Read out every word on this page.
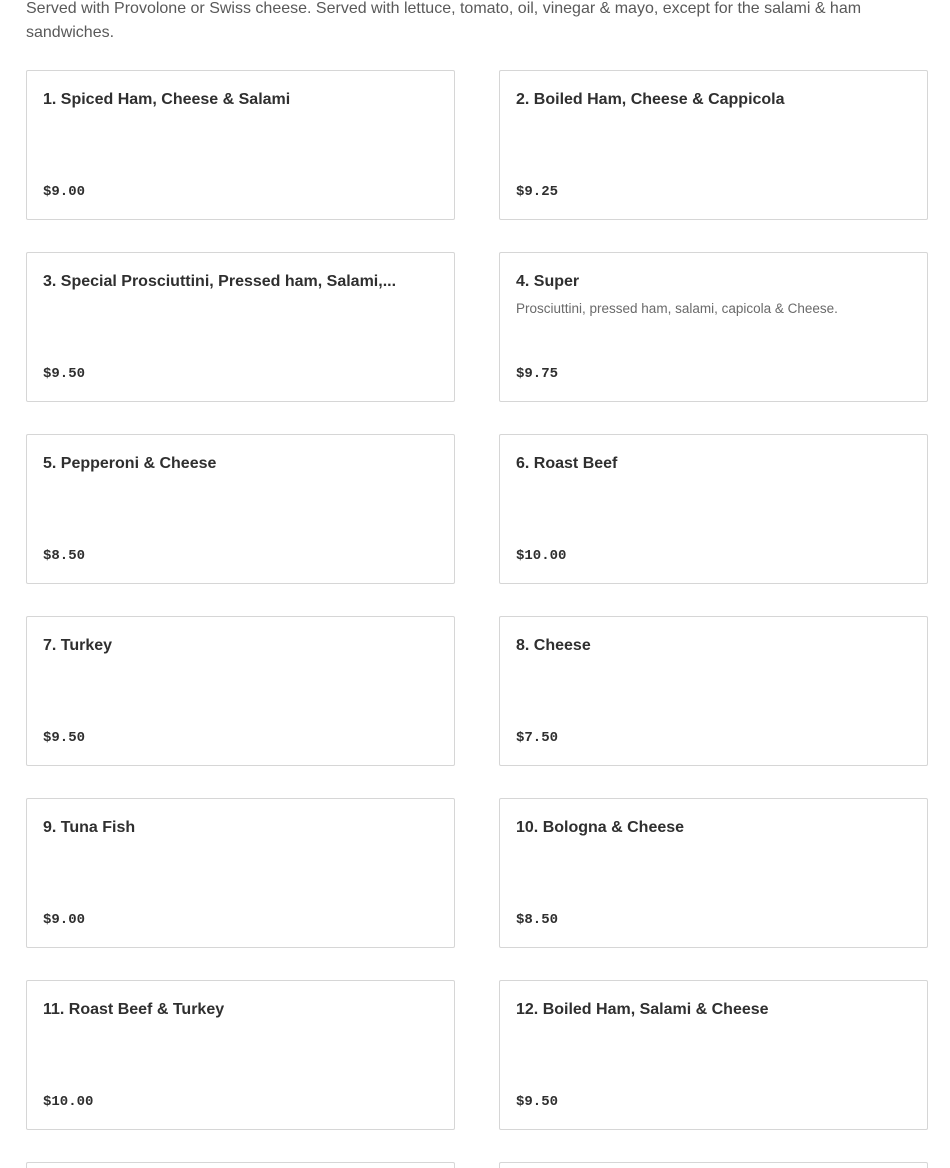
Served with Provolone or Swiss cheese. Served with lettuce, tomato, oil, vinegar & mayo, except for the salami & ham sandwiches.

1. Spiced Ham, Cheese & Salami
$9.00
2. Boiled Ham, Cheese & Cappicola
$9.25
3. Special Prosciuttini, Pressed ham, Salami,...
$9.50
4. Super
Prosciuttini, pressed ham, salami, capicola & Cheese.
$9.75
5. Pepperoni & Cheese
$8.50
6. Roast Beef
$10.00
7. Turkey
$9.50
8. Cheese
$7.50
9. Tuna Fish
$9.00
10. Bologna & Cheese
$8.50
11. Roast Beef & Turkey
$10.00
12. Boiled Ham, Salami & Cheese
$9.50
